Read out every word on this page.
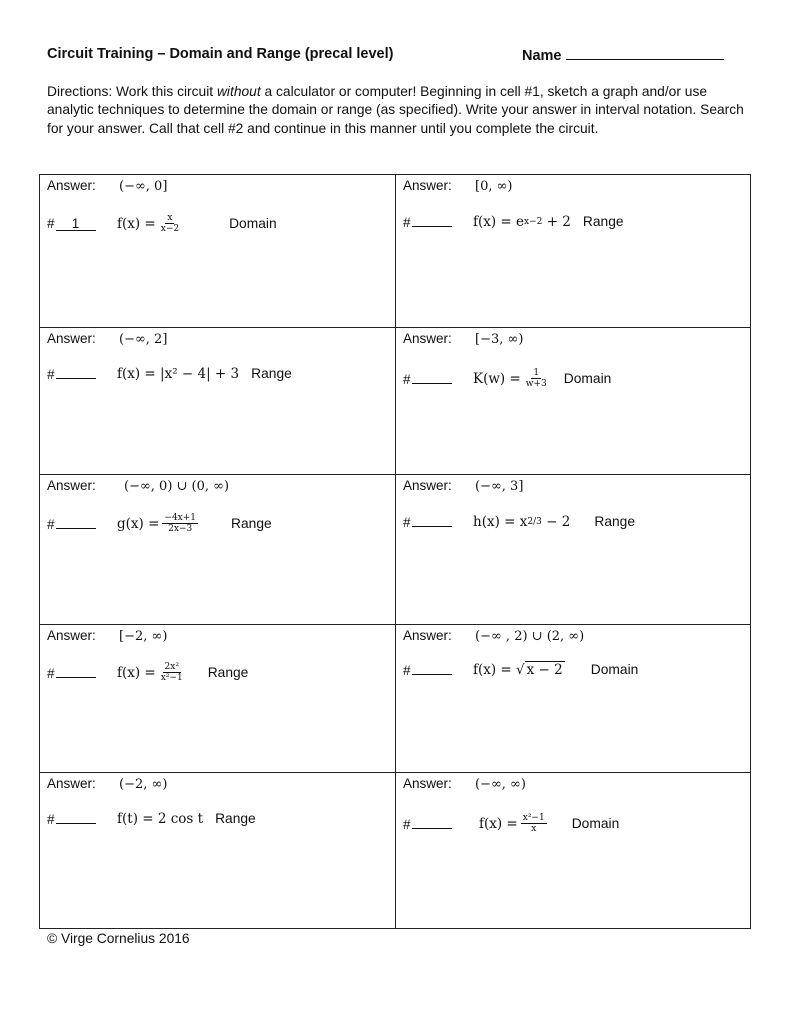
Circuit Training – Domain and Range (precal level)	Name
Directions: Work this circuit without a calculator or computer! Beginning in cell #1, sketch a graph and/or use analytic techniques to determine the domain or range (as specified). Write your answer in interval notation. Search for your answer. Call that cell #2 and continue in this manner until you complete the circuit.
Answer: (−∞, 0]
#	1	$f(x) = \frac{x}{x-2}$	Domain
Answer: [0, ∞)
#	f(x) =
e x−2
+ 2 Range
Answer: (−∞, 2]
#	f(x) = |x² − 4| + 3 Range
Answer: [−3, ∞)
#	$K(w) = \frac{1}{w+3}$ Domain
Answer: (−∞, 0) ∪ (0, ∞)
#	$g(x) = \frac{-4x+1}{2x-3}$ Range
Answer: (−∞, 3]
#	h(x) =
x 2/3
− 2 Range
Answer: [−2, ∞)
#	$f(x) = \frac{\text{2x²}}{\text{x²−1}}$ Range
Answer: (−∞ , 2) ∪ (2, ∞)
#	f(x) =
√ x − 2 Domain
Answer: (−2, ∞)
#	f(t) = 2 cos t Range
Answer: (−∞, ∞)
#	$f(x) = \frac{\text{x²−1}}{x}$ Domain
© Virge Cornelius 2016
